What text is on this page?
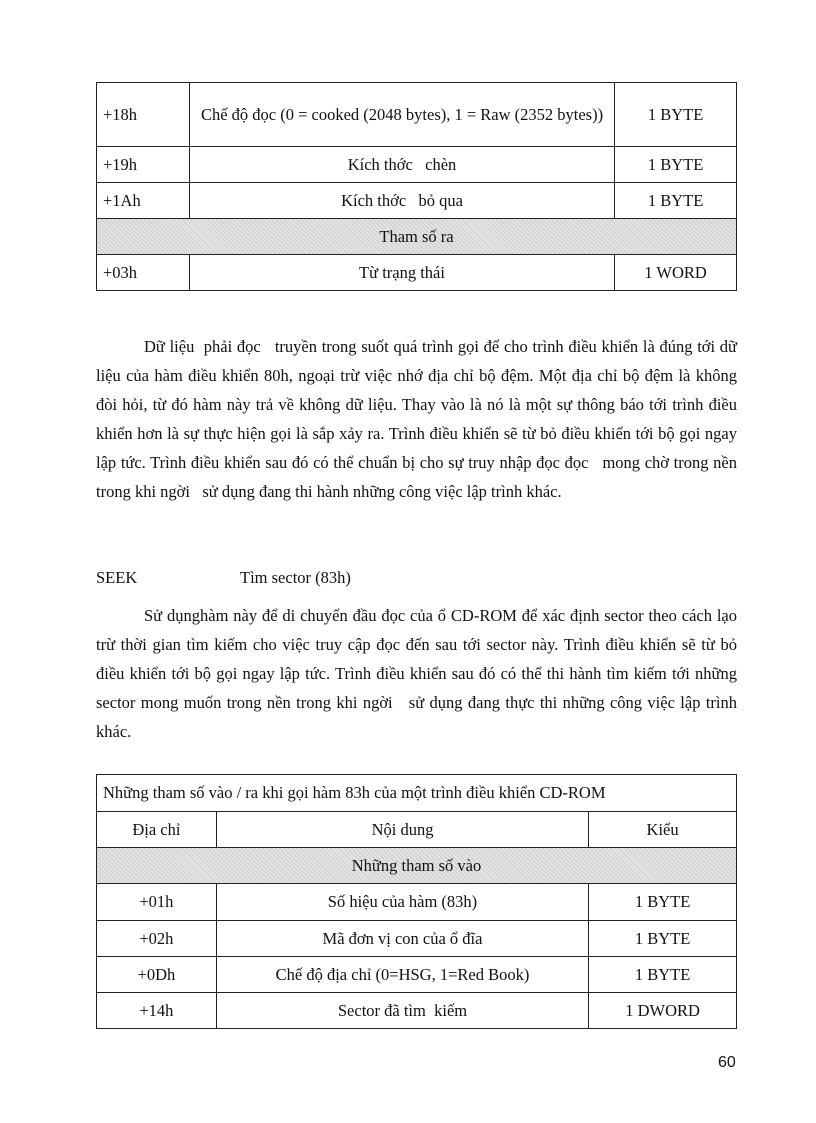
+18h	Chế độ đọc (0 = cooked (2048 bytes), 1 = Raw (2352 bytes))	1 BYTE
+19h	Kích thớc   chèn	1 BYTE
+1Ah	Kích thớc   bỏ qua	1 BYTE
Tham số ra		
+03h	Từ trạng thái	1 WORD

Dữ liệu  phải đọc   truyền trong suốt quá trình gọi để cho trình điều khiển là đúng tới dữ liệu của hàm điều khiển 80h, ngoại trừ việc nhớ địa chỉ bộ đệm. Một địa chỉ bộ đệm là không đòi hỏi, từ đó hàm này trả về không dữ liệu. Thay vào là nó là một sự thông báo tới trình điều khiển hơn là sự thực hiện gọi là sắp xảy ra. Trình điều khiển sẽ từ bỏ điều khiển tới bộ gọi ngay lập tức. Trình điều khiển sau đó có thể chuẩn bị cho sự truy nhập đọc đọc   mong chờ trong nền trong khi ngời   sử dụng đang thi hành những công việc lập trình khác.

SEEK	Tìm sector (83h)

Sử dụnghàm này để di chuyển đầu đọc của ổ CD-ROM để xác định sector theo cách lạo trừ thời gian tìm kiếm cho việc truy cập đọc đến sau tới sector này. Trình điều khiển sẽ từ bỏ điều khiển tới bộ gọi ngay lập tức. Trình điều khiển sau đó có thể thi hành tìm kiếm tới những sector mong muốn trong nền trong khi ngời   sử dụng đang thực thi những công việc lập trình khác.

Những tham số vào / ra khi gọi hàm 83h của một trình điều khiển CD-ROM		
Địa chỉ	Nội dung	Kiểu
Những tham số vào		
+01h	Số hiệu của hàm (83h)	1 BYTE
+02h	Mã đơn vị con của ổ đĩa	1 BYTE
+0Dh	Chế độ địa chỉ (0=HSG, 1=Red Book)	1 BYTE
+14h	Sector đã tìm  kiếm	1 DWORD
60
